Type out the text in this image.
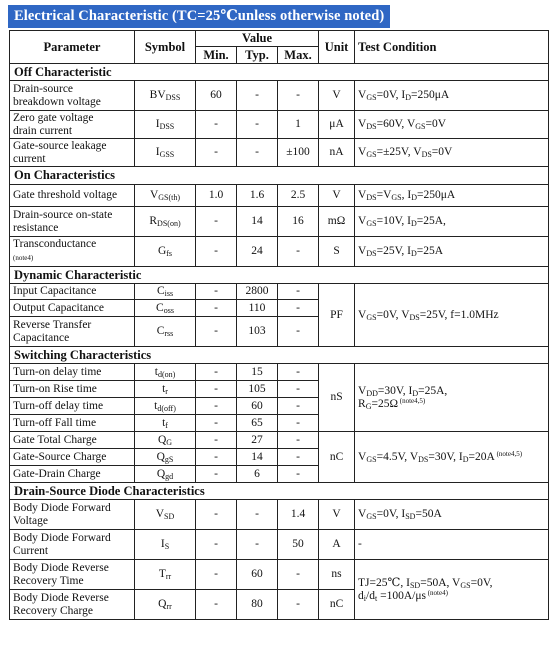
Electrical Characteristic (TC=25℃unless otherwise noted)
Parameter	Symbol	Value			Unit	Test Condition
		Min.	Typ.	Max.		
Off Characteristic						
Drain-source
breakdown voltage	$BV_{DSS}$	60	-	-	V	$V_{GS}=0V$, $I_D=250\mu A$
Zero gate voltage
drain current	$I_{DSS}$	-	-	1	μA	$V_{DS}=60V$, $V_{GS}=0V$
Gate-source leakage
current	$I_{GSS}$	-	-	±100	nA	$V_{GS}=\pm 25V$, $V_{DS}=0V$
On Characteristics						
Gate threshold voltage	$V_{GS(th)}$	1.0	1.6	2.5	V	$V_{DS}=V_{GS}$, $I_D=250\mu A$
Drain-source on-state
resistance	$R_{DS(on)}$	-	14	16	mΩ	$V_{GS}=10V$, $I_D=25A$,
Transconductance
(note4)	$G_{fs}$	-	24	-	S	$V_{DS}=25V$, $I_D=25A$
Dynamic Characteristic						
Input Capacitance	$C_{iss}$	-	2800	-	PF	$V_{GS}=0V$, $V_{DS}=25V$, f=1.0MHz
Output Capacitance	$C_{oss}$	-	110	-		
Reverse Transfer
Capacitance	$C_{rss}$	-	103	-		
Switching Characteristics						
Turn-on delay time	$t_{d(on)}$	-	15	-	nS	$V_{DD}=30V$, $I_D=25A$,
$R_G=25\Omega$ $^{(note4,5)}$
Turn-on Rise time	$t_r$	-	105	-		
Turn-off delay time	$t_{d(off)}$	-	60	-		
Turn-off Fall time	$t_f$	-	65	-		
Gate Total Charge	$Q_G$	-	27	-	nC	$V_{GS}=4.5V$, $V_{DS}=30V$, $I_D=20A$ $^{(note4,5)}$
Gate-Source Charge	$Q_{gS}$	-	14	-		
Gate-Drain Charge	$Q_{gd}$	-	6	-		
Drain-Source Diode Characteristics						
Body Diode Forward
Voltage	$V_{SD}$	-	-	1.4	V	$V_{GS}=0V$, $I_{SD}=50A$
Body Diode Forward
Current	$I_S$	-	-	50	A	-
Body Diode Reverse
Recovery Time	$T_{rr}$	-	60	-	ns	TJ=25℃, $I_{SD}=50A$, $V_{GS}=0V$,
$d_i/d_t =100A/\mu s$ $^{(note4)}$
Body Diode Reverse
Recovery Charge	$Q_{rr}$	-	80	-	nC	
